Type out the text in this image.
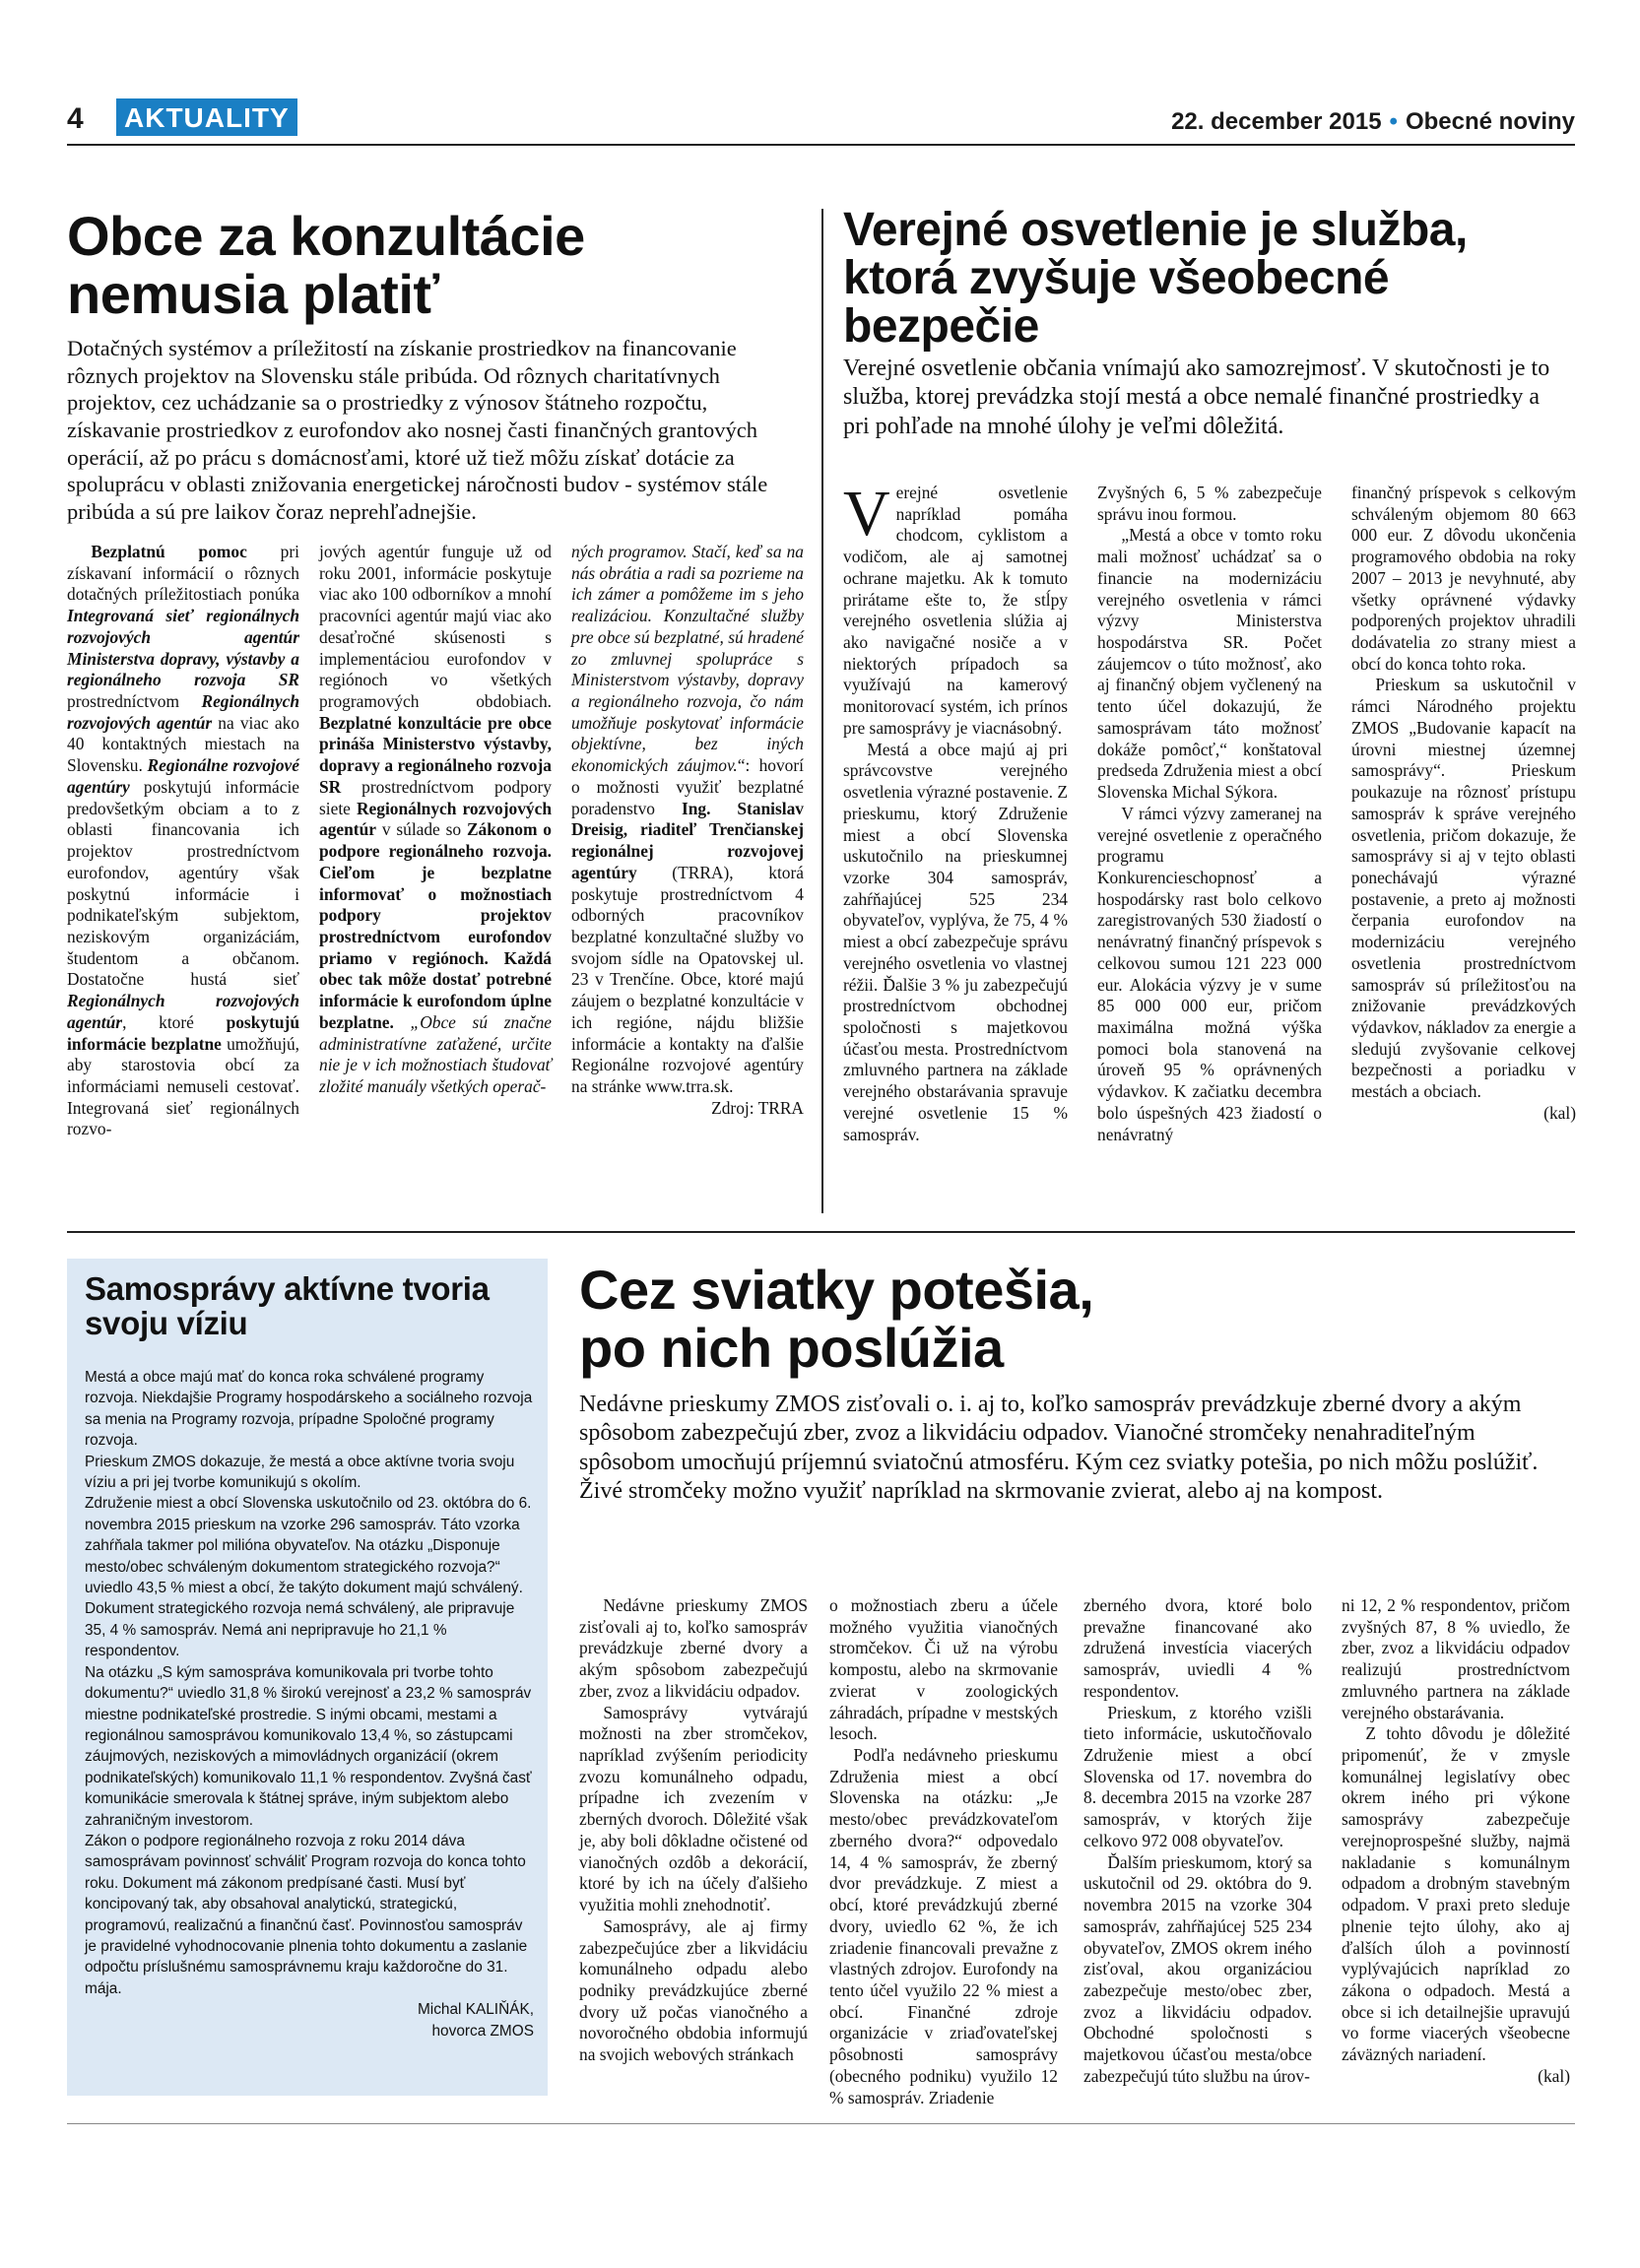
4 AKTUALITY	22. december 2015 • Obecné noviny
Obce za konzultácie
nemusia platiť
Dotačných systémov a príležitostí na získanie prostriedkov na financovanie rôznych projektov na Slovensku stále pribúda. Od rôznych charitatívnych projektov, cez uchádzanie sa o prostriedky z výnosov štátneho rozpočtu, získavanie prostriedkov z eurofondov ako nosnej časti finančných grantových operácií, až po prácu s domácnosťami, ktoré už tiež môžu získať dotácie za spoluprácu v oblasti znižovania energetickej náročnosti budov - systémov stále pribúda a sú pre laikov čoraz neprehľadnejšie.

Bezplatnú pomoc pri získavaní informácií o rôznych dotačných príležitostiach ponúka Integrovaná sieť regionálnych rozvojových agentúr Ministerstva dopravy, výstavby a regionálneho rozvoja SR prostredníctvom Regionálnych rozvojových agentúr na viac ako 40 kontaktných miestach na Slovensku. Regionálne rozvojové agentúry poskytujú informácie predovšetkým obciam a to z oblasti financovania ich projektov prostredníctvom eurofondov, agentúry však poskytnú informácie i podnikateľským subjektom, neziskovým organizáciám, študentom a občanom. Dostatočne hustá sieť Regionálnych rozvojových agentúr, ktoré poskytujú informácie bezplatne umožňujú, aby starostovia obcí za informáciami nemuseli cestovať. Integrovaná sieť regionálnych rozvo-

jových agentúr funguje už od roku 2001, informácie poskytuje viac ako 100 odborníkov a mnohí pracovníci agentúr majú viac ako desaťročné skúsenosti s implementáciou eurofondov v regiónoch vo všetkých programových obdobiach. Bezplatné konzultácie pre obce prináša Ministerstvo výstavby, dopravy a regionálneho rozvoja SR prostredníctvom podpory siete Regionálnych rozvojových agentúr v súlade so Zákonom o podpore regionálneho rozvoja. Cieľom je bezplatne informovať o možnostiach podpory projektov prostredníctvom eurofondov priamo v regiónoch. Každá obec tak môže dostať potrebné informácie k eurofondom úplne bezplatne. „Obce sú značne administratívne zaťažené, určite nie je v ich možnostiach študovať zložité manuály všetkých operač-

ných programov. Stačí, keď sa na nás obrátia a radi sa pozrieme na ich zámer a pomôžeme im s jeho realizáciou. Konzultačné služby pre obce sú bezplatné, sú hradené zo zmluvnej spolupráce s Ministerstvom výstavby, dopravy a regionálneho rozvoja, čo nám umožňuje poskytovať informácie objektívne, bez iných ekonomických záujmov.“: hovorí o možnosti využiť bezplatné poradenstvo Ing. Stanislav Dreisig, riaditeľ Trenčianskej regionálnej rozvojovej agentúry (TRRA), ktorá poskytuje prostredníctvom 4 odborných pracovníkov bezplatné konzultačné služby vo svojom sídle na Opatovskej ul. 23 v Trenčíne. Obce, ktoré majú záujem o bezplatné konzultácie v ich regióne, nájdu bližšie informácie a kontakty na ďalšie Regionálne rozvojové agentúry na stránke www.trra.sk.

Zdroj: TRRA

Verejné osvetlenie je služba,
ktorá zvyšuje všeobecné
bezpečie
Verejné osvetlenie občania vnímajú ako samozrejmosť. V skutočnosti je to služba, ktorej prevádzka stojí mestá a obce nemalé finančné prostriedky a pri pohľade na mnohé úlohy je veľmi dôležitá.

Verejné osvetlenie napríklad pomáha chodcom, cyklistom a vodičom, ale aj samotnej ochrane majetku. Ak k tomuto prirátame ešte to, že stĺpy verejného osvetlenia slúžia aj ako navigačné nosiče a v niektorých prípadoch sa využívajú na kamerový monitorovací systém, ich prínos pre samosprávy je viacnásobný.

Mestá a obce majú aj pri správcovstve verejného osvetlenia výrazné postavenie. Z prieskumu, ktorý Združenie miest a obcí Slovenska uskutočnilo na prieskumnej vzorke 304 samospráv, zahŕňajúcej 525 234 obyvateľov, vyplýva, že 75, 4 % miest a obcí zabezpečuje správu verejného osvetlenia vo vlastnej réžii. Ďalšie 3 % ju zabezpečujú prostredníctvom obchodnej spoločnosti s majetkovou účasťou mesta. Prostredníctvom zmluvného partnera na základe verejného obstarávania spravuje verejné osvetlenie 15 % samospráv.

Zvyšných 6, 5 % zabezpečuje správu inou formou.

„Mestá a obce v tomto roku mali možnosť uchádzať sa o financie na modernizáciu verejného osvetlenia v rámci výzvy Ministerstva hospodárstva SR. Počet záujemcov o túto možnosť, ako aj finančný objem vyčlenený na tento účel dokazujú, že samosprávam táto možnosť dokáže pomôcť,“ konštatoval predseda Združenia miest a obcí Slovenska Michal Sýkora.

V rámci výzvy zameranej na verejné osvetlenie z operačného programu Konkurencieschopnosť a hospodársky rast bolo celkovo zaregistrovaných 530 žiadostí o nenávratný finančný príspevok s celkovou sumou 121 223 000 eur. Alokácia výzvy je v sume 85 000 000 eur, pričom maximálna možná výška pomoci bola stanovená na úroveň 95 % oprávnených výdavkov. K začiatku decembra bolo úspešných 423 žiadostí o nenávratný

finančný príspevok s celkovým schváleným objemom 80 663 000 eur. Z dôvodu ukončenia programového obdobia na roky 2007 – 2013 je nevyhnuté, aby všetky oprávnené výdavky podporených projektov uhradili dodávatelia zo strany miest a obcí do konca tohto roka.

Prieskum sa uskutočnil v rámci Národného projektu ZMOS „Budovanie kapacít na úrovni miestnej územnej samosprávy“. Prieskum poukazuje na rôznosť prístupu samospráv k správe verejného osvetlenia, pričom dokazuje, že samosprávy si aj v tejto oblasti ponechávajú výrazné postavenie, a preto aj možnosti čerpania eurofondov na modernizáciu verejného osvetlenia prostredníctvom samospráv sú príležitosťou na znižovanie prevádzkových výdavkov, nákladov za energie a sledujú zvyšovanie celkovej bezpečnosti a poriadku v mestách a obciach.

(kal)

Samosprávy aktívne tvoria
svoju víziu

Mestá a obce majú mať do konca roka schválené programy rozvoja. Niekdajšie Programy hospodárskeho a sociálneho rozvoja sa menia na Programy rozvoja, prípadne Spoločné programy rozvoja.

Prieskum ZMOS dokazuje, že mestá a obce aktívne tvoria svoju víziu a pri jej tvorbe komunikujú s okolím.

Združenie miest a obcí Slovenska uskutočnilo od 23. októbra do 6. novembra 2015 prieskum na vzorke 296 samospráv. Táto vzorka zahŕňala takmer pol milióna obyvateľov. Na otázku „Disponuje mesto/obec schváleným dokumentom strategického rozvoja?“ uviedlo 43,5 % miest a obcí, že takýto dokument majú schválený. Dokument strategického rozvoja nemá schválený, ale pripravuje 35, 4 % samospráv. Nemá ani nepripravuje ho 21,1 % respondentov.

Na otázku „S kým samospráva komunikovala pri tvorbe tohto dokumentu?“ uviedlo 31,8 % širokú verejnosť a 23,2 % samospráv miestne podnikateľské prostredie. S inými obcami, mestami a regionálnou samosprávou komunikovalo 13,4 %, so zástupcami záujmových, neziskových a mimovládnych organizácií (okrem podnikateľských) komunikovalo 11,1 % respondentov. Zvyšná časť komunikácie smerovala k štátnej správe, iným subjektom alebo zahraničným investorom.

Zákon o podpore regionálneho rozvoja z roku 2014 dáva samosprávam povinnosť schváliť Program rozvoja do konca tohto roku. Dokument má zákonom predpísané časti. Musí byť koncipovaný tak, aby obsahoval analytickú, strategickú, programovú, realizačnú a finančnú časť. Povinnosťou samospráv je pravidelné vyhodnocovanie plnenia tohto dokumentu a zaslanie odpočtu príslušnému samosprávnemu kraju každoročne do 31. mája.

Michal KALIŇÁK,
hovorca ZMOS
Cez sviatky potešia,
po nich poslúžia
Nedávne prieskumy ZMOS zisťovali o. i. aj to, koľko samospráv prevádzkuje zberné dvory a akým spôsobom zabezpečujú zber, zvoz a likvidáciu odpadov. Vianočné stromčeky nenahraditeľným spôsobom umocňujú príjemnú sviatočnú atmosféru. Kým cez sviatky potešia, po nich môžu poslúžiť. Živé stromčeky možno využiť napríklad na skrmovanie zvierat, alebo aj na kompost.

Nedávne prieskumy ZMOS zisťovali aj to, koľko samospráv prevádzkuje zberné dvory a akým spôsobom zabezpečujú zber, zvoz a likvidáciu odpadov.

Samosprávy vytvárajú možnosti na zber stromčekov, napríklad zvýšením periodicity zvozu komunálneho odpadu, prípadne ich zvezením v zberných dvoroch. Dôležité však je, aby boli dôkladne očistené od vianočných ozdôb a dekorácií, ktoré by ich na účely ďalšieho využitia mohli znehodnotiť.

Samosprávy, ale aj firmy zabezpečujúce zber a likvidáciu komunálneho odpadu alebo podniky prevádzkujúce zberné dvory už počas vianočného a novoročného obdobia informujú na svojich webových stránkach

o možnostiach zberu a účele možného využitia vianočných stromčekov. Či už na výrobu kompostu, alebo na skrmovanie zvierat v zoologických záhradách, prípadne v mestských lesoch.

Podľa nedávneho prieskumu Združenia miest a obcí Slovenska na otázku: „Je mesto/obec prevádzkovateľom zberného dvora?“ odpovedalo 14, 4 % samospráv, že zberný dvor prevádzkuje. Z miest a obcí, ktoré prevádzkujú zberné dvory, uviedlo 62 %, že ich zriadenie financovali prevažne z vlastných zdrojov. Eurofondy na tento účel využilo 22 % miest a obcí. Finančné zdroje organizácie v zriaďovateľskej pôsobnosti samosprávy (obecného podniku) využilo 12 % samospráv. Zriadenie

zberného dvora, ktoré bolo prevažne financované ako združená investícia viacerých samospráv, uviedli 4 % respondentov.

Prieskum, z ktorého vzišli tieto informácie, uskutočňovalo Združenie miest a obcí Slovenska od 17. novembra do 8. decembra 2015 na vzorke 287 samospráv, v ktorých žije celkovo 972 008 obyvateľov.

Ďalším prieskumom, ktorý sa uskutočnil od 29. októbra do 9. novembra 2015 na vzorke 304 samospráv, zahŕňajúcej 525 234 obyvateľov, ZMOS okrem iného zisťoval, akou organizáciou zabezpečuje mesto/obec zber, zvoz a likvidáciu odpadov. Obchodné spoločnosti s majetkovou účasťou mesta/obce zabezpečujú túto službu na úrov-

ni 12, 2 % respondentov, pričom zvyšných 87, 8 % uviedlo, že zber, zvoz a likvidáciu odpadov realizujú prostredníctvom zmluvného partnera na základe verejného obstarávania.

Z tohto dôvodu je dôležité pripomenúť, že v zmysle komunálnej legislatívy obec okrem iného pri výkone samosprávy zabezpečuje verejnoprospešné služby, najmä nakladanie s komunálnym odpadom a drobným stavebným odpadom. V praxi preto sleduje plnenie tejto úlohy, ako aj ďalších úloh a povinností vyplývajúcich napríklad zo zákona o odpadoch. Mestá a obce si ich detailnejšie upravujú vo forme viacerých všeobecne záväzných nariadení.

(kal)
